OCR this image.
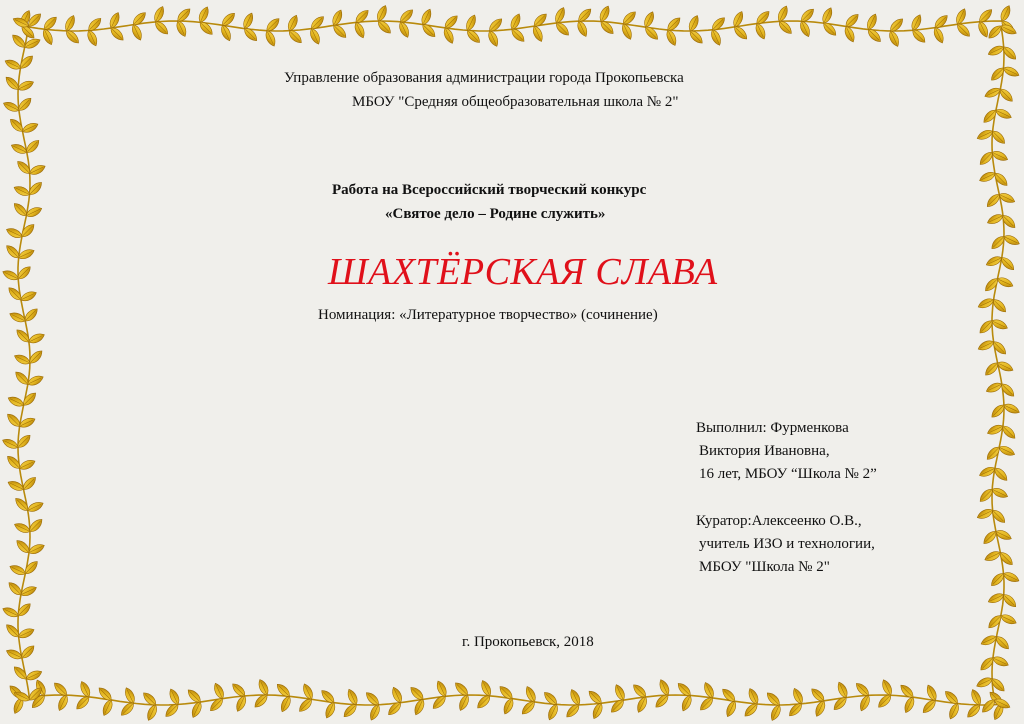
Управление образования администрации города Прокопьевска
МБОУ "Средняя общеобразовательная школа № 2"
Работа на Всероссийский творческий конкурс
«Святое дело – Родине служить»
ШАХТЁРСКАЯ СЛАВА
Номинация: «Литературное творчество» (сочинение)
Выполнил: Фурменкова
Виктория Ивановна,
16 лет, МБОУ “Школа № 2”
Куратор:Алексеенко О.В.,
учитель ИЗО и технологии,
МБОУ "Школа № 2"
г. Прокопьевск, 2018
